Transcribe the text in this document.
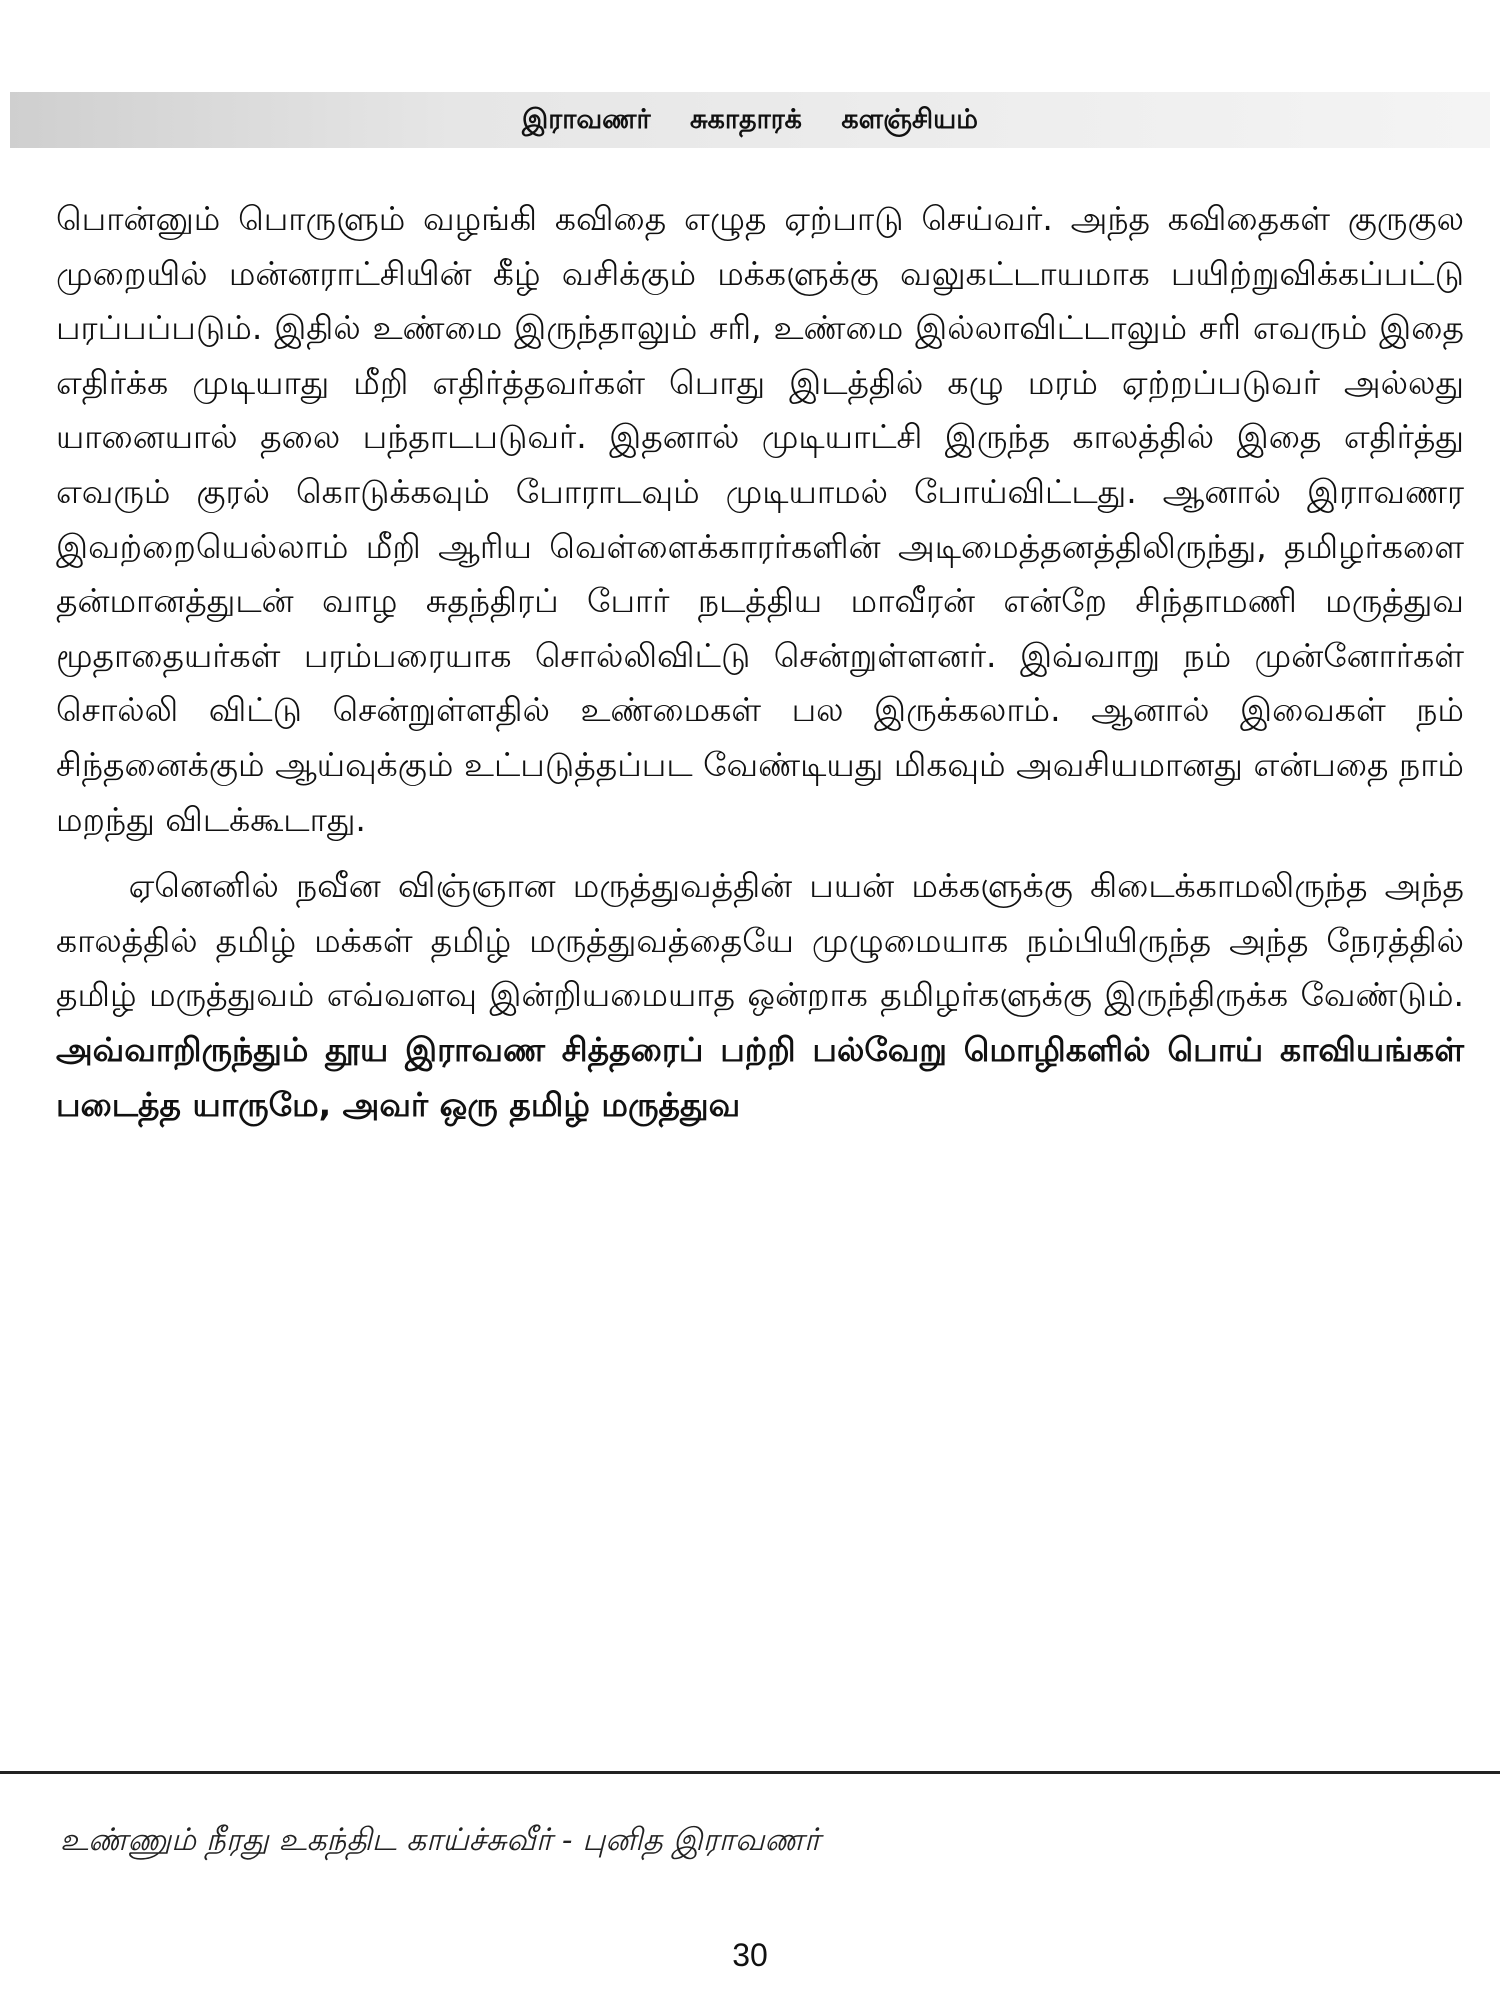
இராவணர் சுகாதாரக் களஞ்சியம்

பொன்னும் பொருளும் வழங்கி கவிதை எழுத ஏற்பாடு செய்வர். அந்த கவிதைகள் குருகுல முறையில் மன்னராட்சியின் கீழ் வசிக்கும் மக்களுக்கு வலுகட்டாயமாக பயிற்றுவிக்கப்பட்டு பரப்பப்படும். இதில் உண்மை இருந்தாலும் சரி, உண்மை இல்லாவிட்டாலும் சரி எவரும் இதை எதிர்க்க முடியாது மீறி எதிர்த்தவர்கள் பொது இடத்தில் கழு மரம் ஏற்றப்படுவர் அல்லது யானையால் தலை பந்தாடபடுவர். இதனால் முடியாட்சி இருந்த காலத்தில் இதை எதிர்த்து எவரும் குரல் கொடுக்கவும் போராடவும் முடியாமல் போய்விட்டது. ஆனால் இராவணர இவற்றையெல்லாம் மீறி ஆரிய வெள்ளைக்காரர்களின் அடிமைத்தனத்திலிருந்து, தமிழர்களை தன்மானத்துடன் வாழ சுதந்திரப் போர் நடத்திய மாவீரன் என்றே சிந்தாமணி மருத்துவ மூதாதையர்கள் பரம்பரையாக சொல்லிவிட்டு சென்றுள்ளனர். இவ்வாறு நம் முன்னோர்கள் சொல்லி விட்டு சென்றுள்ளதில் உண்மைகள் பல இருக்கலாம். ஆனால் இவைகள் நம் சிந்தனைக்கும் ஆய்வுக்கும் உட்படுத்தப்பட வேண்டியது மிகவும் அவசியமானது என்பதை நாம் மறந்து விடக்கூடாது.

ஏனெனில் நவீன விஞ்ஞான மருத்துவத்தின் பயன் மக்களுக்கு கிடைக்காமலிருந்த அந்த காலத்தில் தமிழ் மக்கள் தமிழ் மருத்துவத்தையே முழுமையாக நம்பியிருந்த அந்த நேரத்தில் தமிழ் மருத்துவம் எவ்வளவு இன்றியமையாத ஒன்றாக தமிழர்களுக்கு இருந்திருக்க வேண்டும். அவ்வாறிருந்தும் தூய இராவண சித்தரைப் பற்றி பல்வேறு மொழிகளில் பொய் காவியங்கள் படைத்த யாருமே, அவர் ஒரு தமிழ் மருத்துவ

உண்ணும் நீரது உகந்திட காய்ச்சுவீர் - புனித இராவணர்
30
